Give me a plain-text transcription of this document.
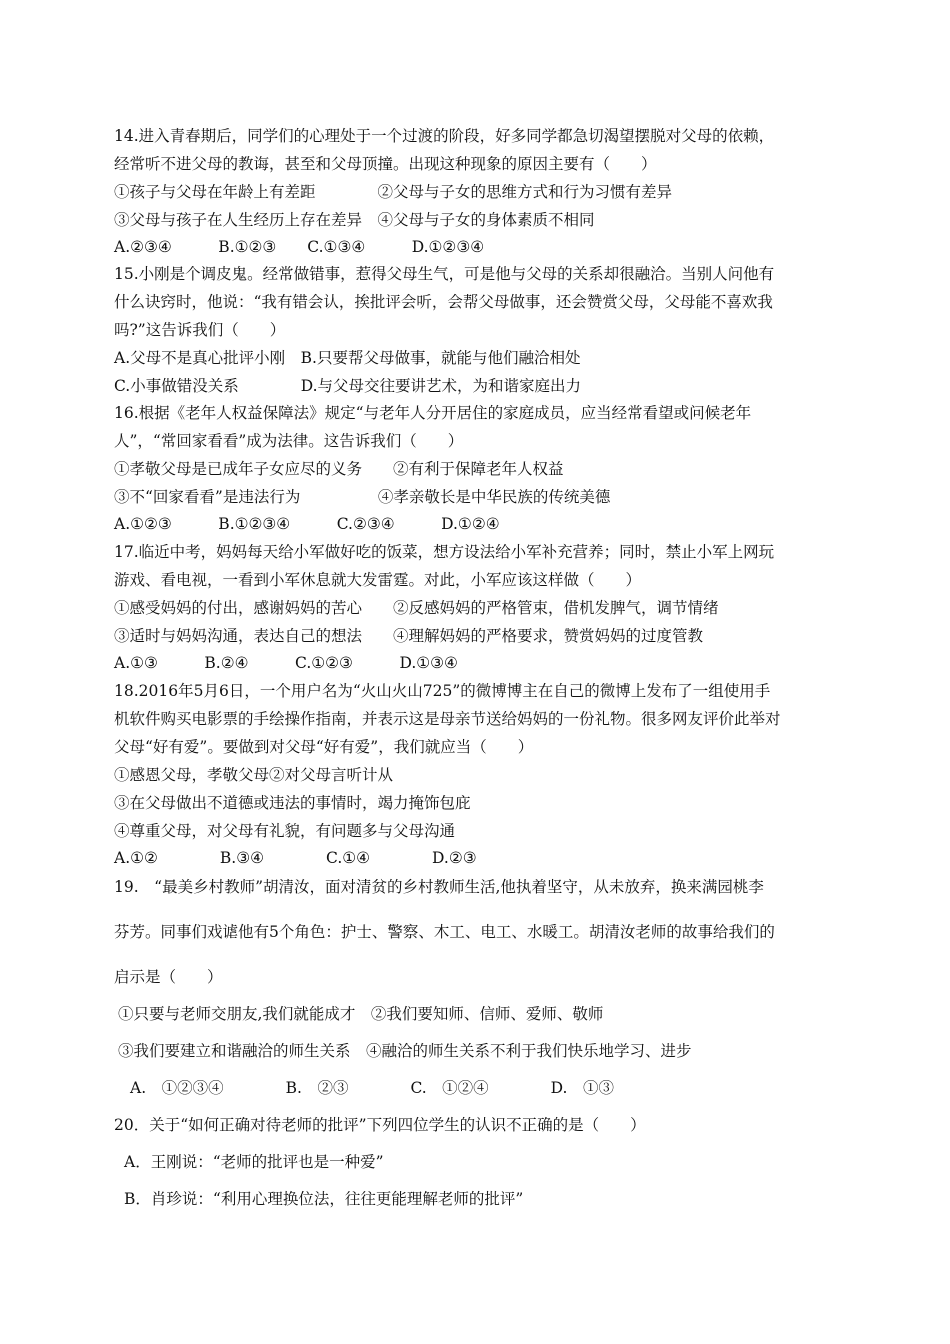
14.进入青春期后，同学们的心理处于一个过渡的阶段，好多同学都急切渴望摆脱对父母的依赖，
经常听不进父母的教诲，甚至和父母顶撞。出现这种现象的原因主要有（　　）
①孩子与父母在年龄上有差距　　　　②父母与子女的思维方式和行为习惯有差异
③父母与孩子在人生经历上存在差异　④父母与子女的身体素质不相同
A.②③④　　　B.①②③　　C.①③④　　　D.①②③④
15.小刚是个调皮鬼。经常做错事，惹得父母生气，可是他与父母的关系却很融洽。当别人问他有
什么诀窍时，他说：“我有错会认，挨批评会听，会帮父母做事，还会赞赏父母，父母能不喜欢我
吗?”这告诉我们（　　）
A.父母不是真心批评小刚　B.只要帮父母做事，就能与他们融洽相处
C.小事做错没关系　　　　D.与父母交往要讲艺术，为和谐家庭出力
16.根据《老年人权益保障法》规定“与老年人分开居住的家庭成员，应当经常看望或问候老年
人”，“常回家看看”成为法律。这告诉我们（　　）
①孝敬父母是已成年子女应尽的义务　　②有利于保障老年人权益
③不“回家看看”是违法行为　　　　　④孝亲敬长是中华民族的传统美德
A.①②③　　　B.①②③④　　　C.②③④　　　D.①②④
17.临近中考，妈妈每天给小军做好吃的饭菜，想方设法给小军补充营养；同时，禁止小军上网玩
游戏、看电视，一看到小军休息就大发雷霆。对此，小军应该这样做（　　）
①感受妈妈的付出，感谢妈妈的苦心　　②反感妈妈的严格管束，借机发脾气，调节情绪
③适时与妈妈沟通，表达自己的想法　　④理解妈妈的严格要求，赞赏妈妈的过度管教
A.①③　　　B.②④　　　C.①②③　　　D.①③④
18.2016年5月6日，一个用户名为“火山火山725”的微博博主在自己的微博上发布了一组使用手
机软件购买电影票的手绘操作指南，并表示这是母亲节送给妈妈的一份礼物。很多网友评价此举对
父母“好有爱”。要做到对父母“好有爱”，我们就应当（　　）
①感恩父母，孝敬父母②对父母言听计从
③在父母做出不道德或违法的事情时，竭力掩饰包庇
④尊重父母，对父母有礼貌，有问题多与父母沟通
A.①②　　　　B.③④　　　　C.①④　　　　D.②③
19.　“最美乡村教师”胡清汝，面对清贫的乡村教师生活,他执着坚守，从未放弃，换来满园桃李
芬芳。同事们戏谑他有5个角色：护士、警察、木工、电工、水暖工。胡清汝老师的故事给我们的
启示是（　　）
①只要与老师交朋友,我们就能成才　②我们要知师、信师、爱师、敬师
③我们要建立和谐融洽的师生关系　④融洽的师生关系不利于我们快乐地学习、进步
A.　①②③④　　　　B.　②③　　　　C.　①②④　　　　D.　①③
20．关于“如何正确对待老师的批评”下列四位学生的认识不正确的是（　　）
A．王刚说：“老师的批评也是一种爱”
B．肖珍说：“利用心理换位法，往往更能理解老师的批评”
